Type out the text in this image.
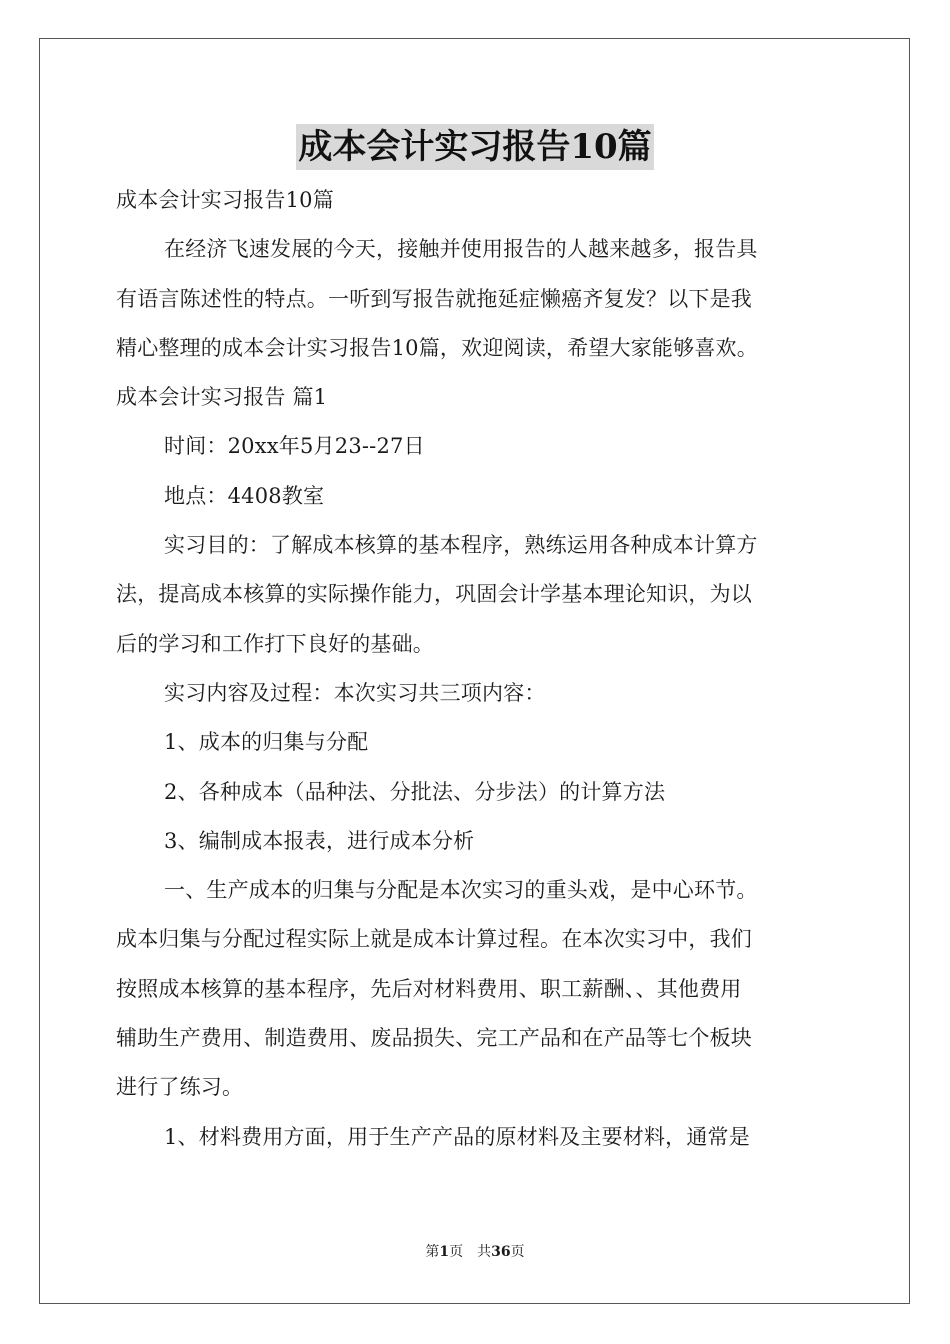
成本会计实习报告10篇
成本会计实习报告10篇
在经济飞速发展的今天，接触并使用报告的人越来越多，报告具
有语言陈述性的特点。一听到写报告就拖延症懒癌齐复发？以下是我
精心整理的成本会计实习报告10篇，欢迎阅读，希望大家能够喜欢。
成本会计实习报告 篇1
时间：20xx年5月23--27日
地点：4408教室
实习目的：了解成本核算的基本程序，熟练运用各种成本计算方
法，提高成本核算的实际操作能力，巩固会计学基本理论知识，为以
后的学习和工作打下良好的基础。
实习内容及过程：本次实习共三项内容：
1、成本的归集与分配
2、各种成本（品种法、分批法、分步法）的计算方法
3、编制成本报表，进行成本分析
一、生产成本的归集与分配是本次实习的重头戏，是中心环节。
成本归集与分配过程实际上就是成本计算过程。在本次实习中，我们
按照成本核算的基本程序，先后对材料费用、职工薪酬、、其他费用
辅助生产费用、制造费用、废品损失、完工产品和在产品等七个板块
进行了练习。
1、材料费用方面，用于生产产品的原材料及主要材料，通常是
第1页　共36页
